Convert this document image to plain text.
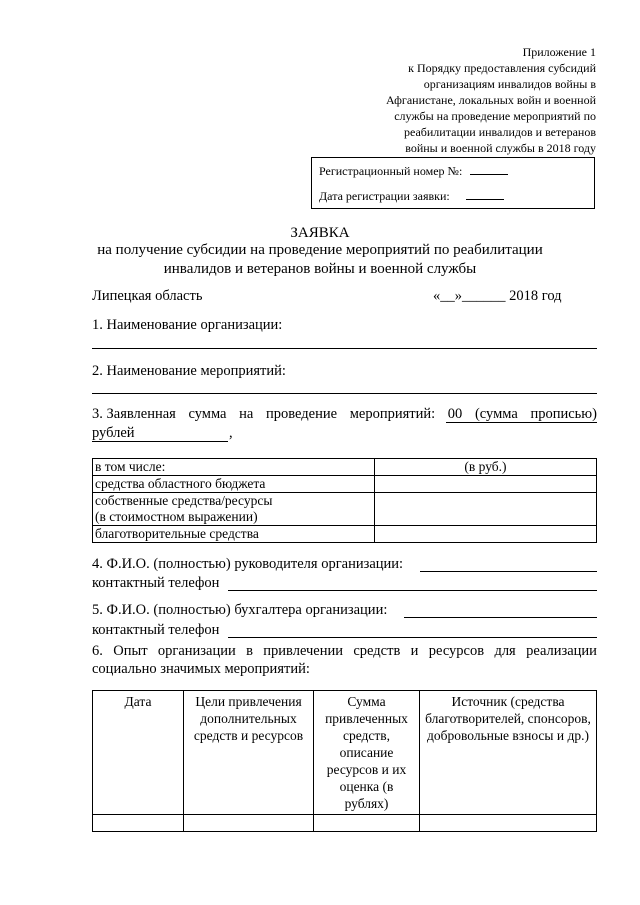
Приложение 1
к Порядку предоставления субсидий
организациям инвалидов войны в
Афганистане, локальных войн и военной
службы на проведение мероприятий по
реабилитации инвалидов и ветеранов
войны и военной службы в 2018 году
Регистрационный номер №:
Дата регистрации заявки:
ЗАЯВКА
на получение субсидии на проведение мероприятий по реабилитации
инвалидов и ветеранов войны и военной службы
Липецкая область	«__»______ 2018 год
1. Наименование организации:
2. Наименование мероприятий:
3. Заявленная сумма на проведение мероприятий: 00 (сумма прописью)
рублей	,
в том числе:	(в руб.)
средства областного бюджета	

собственные средства/ресурсы
(в стоимостном выражении)	

благотворительные средства	
4. Ф.И.О. (полностью) руководителя организации:
контактный телефон
5. Ф.И.О. (полностью) бухгалтера организации:
контактный телефон
6. Опыт организации в привлечении средств и ресурсов для реализации
социально значимых мероприятий:
Дата	Цели привлечения дополнительных средств и ресурсов	Сумма привлеченных средств, описание ресурсов и их оценка (в рублях)	Источник (средства благотворителей, спонсоров, добровольные взносы и др.)
